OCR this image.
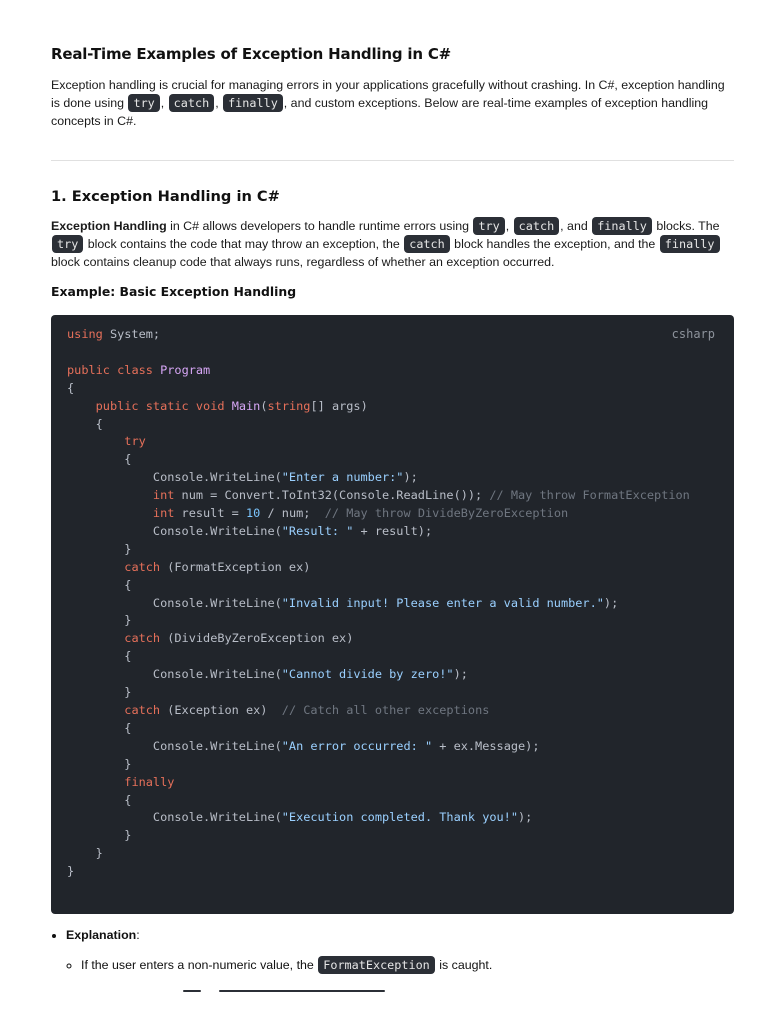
Real-Time Examples of Exception Handling in C#

Exception handling is crucial for managing errors in your applications gracefully without crashing. In C#, exception handling is done using try , catch , finally , and custom exceptions. Below are real-time examples of exception handling concepts in C#.

1. Exception Handling in C#

Exception Handling in C# allows developers to handle runtime errors using try , catch , and finally blocks. The try block contains the code that may throw an exception, the catch block handles the exception, and the finally block contains cleanup code that always runs, regardless of whether an exception occurred.

Example: Basic Exception Handling
csharp
using System;
public class Program
{
public static void Main(string[] args)
{
try
{
Console.WriteLine("Enter a number:");
int num = Convert.ToInt32(Console.ReadLine()); // May throw FormatException
int result = 10 / num;  // May throw DivideByZeroException
Console.WriteLine("Result: " + result);
}
catch (FormatException ex)
{
Console.WriteLine("Invalid input! Please enter a valid number.");
}
catch (DivideByZeroException ex)
{
Console.WriteLine("Cannot divide by zero!");
}
catch (Exception ex)  // Catch all other exceptions
{
Console.WriteLine("An error occurred: " + ex.Message);
}
finally
{
Console.WriteLine("Execution completed. Thank you!");
}
}
}
• Explanation:
◦ If the user enters a non-numeric value, the FormatException is caught.
